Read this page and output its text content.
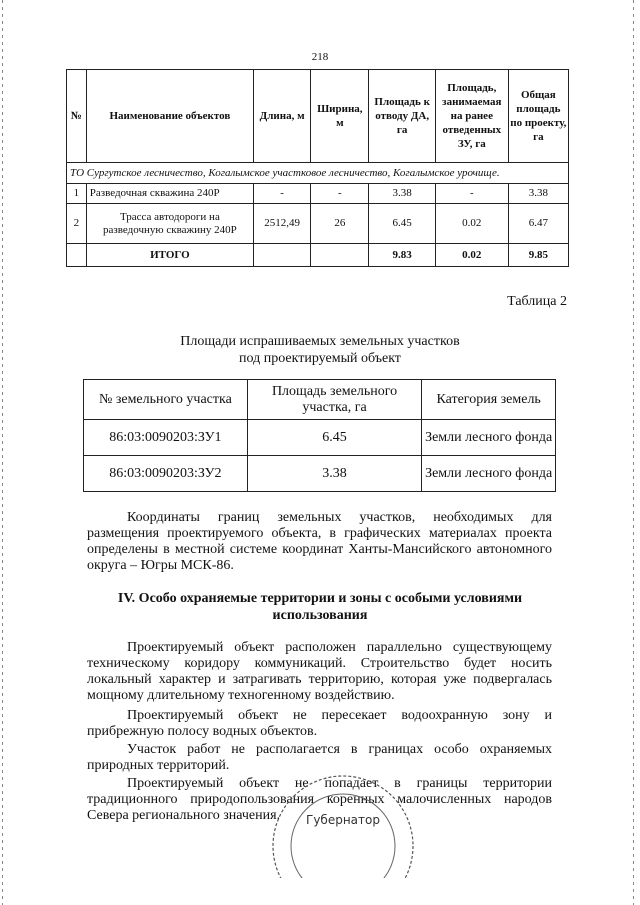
218
№	Наименование объектов	Длина, м	Ширина, м	Площадь к отводу ДА, га	Площадь, занимаемая на ранее отведенных ЗУ, га	Общая площадь по проекту, га
ТО Сургутское лесничество, Когалымское участковое лесничество, Когалымское урочище.						
1	Разведочная скважина 240Р	-	-	3.38	-	3.38
2	Трасса автодороги на разведочную скважину 240Р	2512,49	26	6.45	0.02	6.47
	ИТОГО			9.83	0.02	9.85
Таблица 2
Площади испрашиваемых земельных участков
под проектируемый объект
№ земельного участка	Площадь земельного участка, га	Категория земель
86:03:0090203:ЗУ1	6.45	Земли лесного фонда
86:03:0090203:ЗУ2	3.38	Земли лесного фонда
Координаты границ земельных участков, необходимых для размещения проектируемого объекта, в графических материалах проекта определены в местной системе координат Ханты-Мансийского автономного округа – Югры МСК-86.
IV. Особо охраняемые территории и зоны с особыми условиями использования
Проектируемый объект расположен параллельно существующему техническому коридору коммуникаций. Строительство будет носить локальный характер и затрагивать территорию, которая уже подвергалась мощному длительному техногенному воздействию.
Проектируемый объект не пересекает водоохранную зону и прибрежную полосу водных объектов.
Участок работ не располагается в границах особо охраняемых природных территорий.
Проектируемый объект не попадает в границы территории традиционного природопользования коренных малочисленных народов Севера регионального значения.	Губернатор
